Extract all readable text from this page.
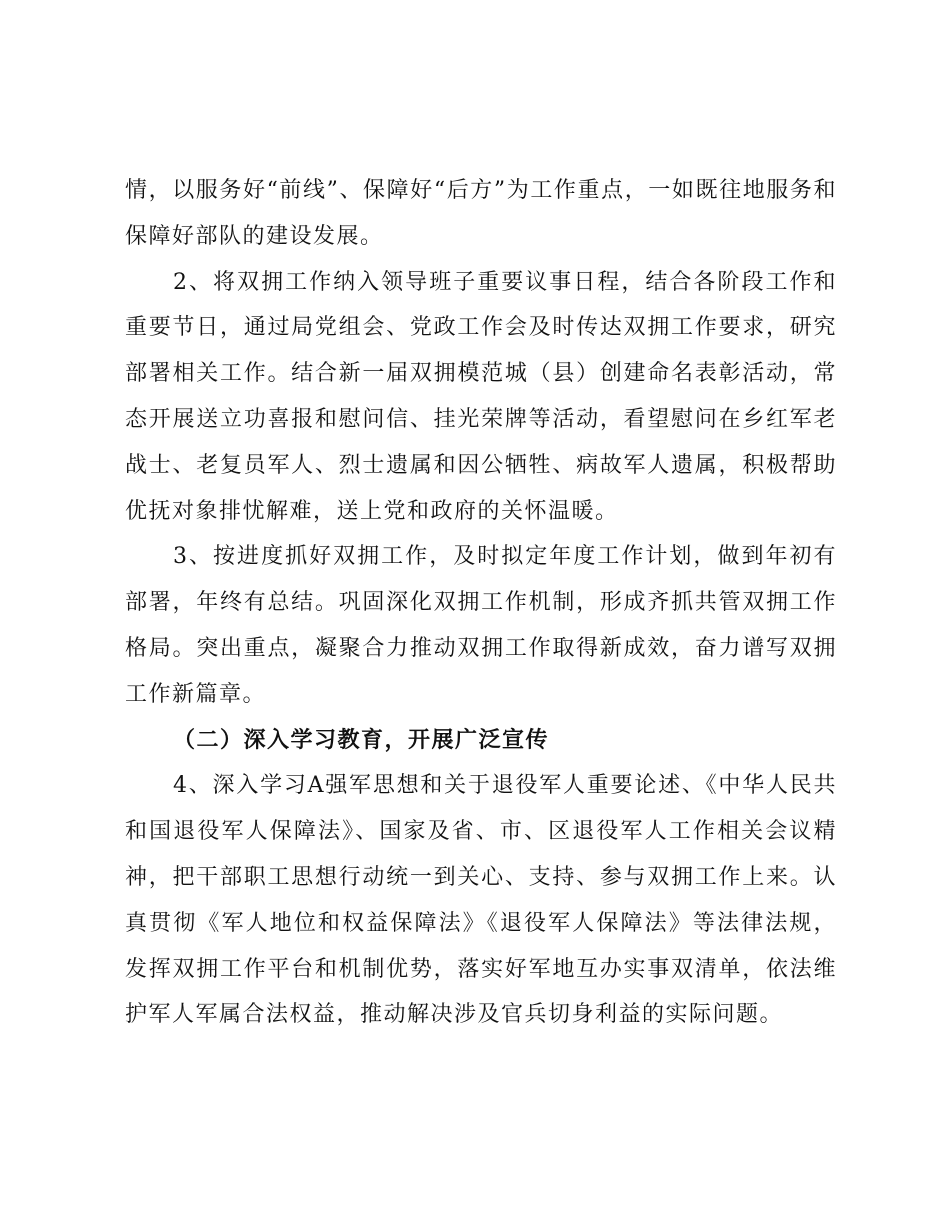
情，以服务好“前线”、保障好“后方”为工作重点，一如既往地服务和保障好部队的建设发展。

2、将双拥工作纳入领导班子重要议事日程，结合各阶段工作和重要节日，通过局党组会、党政工作会及时传达双拥工作要求，研究部署相关工作。结合新一届双拥模范城（县）创建命名表彰活动，常态开展送立功喜报和慰问信、挂光荣牌等活动，看望慰问在乡红军老战士、老复员军人、烈士遗属和因公牺牲、病故军人遗属，积极帮助优抚对象排忧解难，送上党和政府的关怀温暖。

3、按进度抓好双拥工作，及时拟定年度工作计划，做到年初有部署，年终有总结。巩固深化双拥工作机制，形成齐抓共管双拥工作格局。突出重点，凝聚合力推动双拥工作取得新成效，奋力谱写双拥工作新篇章。

（二）深入学习教育，开展广泛宣传

4、深入学习A强军思想和关于退役军人重要论述、《中华人民共和国退役军人保障法》、国家及省、市、区退役军人工作相关会议精神，把干部职工思想行动统一到关心、支持、参与双拥工作上来。认真贯彻《军人地位和权益保障法》《退役军人保障法》等法律法规，发挥双拥工作平台和机制优势，落实好军地互办实事双清单，依法维护军人军属合法权益，推动解决涉及官兵切身利益的实际问题。
